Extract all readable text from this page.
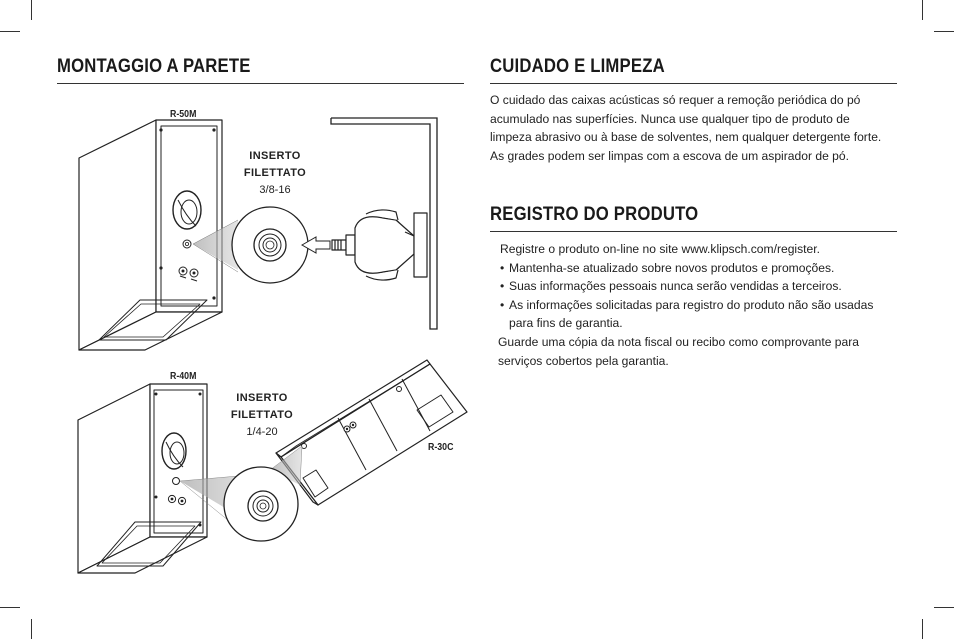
MONTAGGIO A PARETE
R-50M
INSERTO
FILETTATO
3/8-16
R-40M
INSERTO
FILETTATO
1/4-20
R-30C
CUIDADO E LIMPEZA
O cuidado das caixas acústicas só requer a remoção periódica do pó
acumulado nas superfícies. Nunca use qualquer tipo de produto de
limpeza abrasivo ou à base de solventes, nem qualquer detergente forte.
As grades podem ser limpas com a escova de um aspirador de pó.
REGISTRO DO PRODUTO
Registre o produto on-line no site www.klipsch.com/register.
• Mantenha-se atualizado sobre novos produtos e promoções.
• Suas informações pessoais nunca serão vendidas a terceiros.
• As informações solicitadas para registro do produto não são usadas para fins de garantia.
Guarde uma cópia da nota fiscal ou recibo como comprovante para serviços cobertos pela garantia.
